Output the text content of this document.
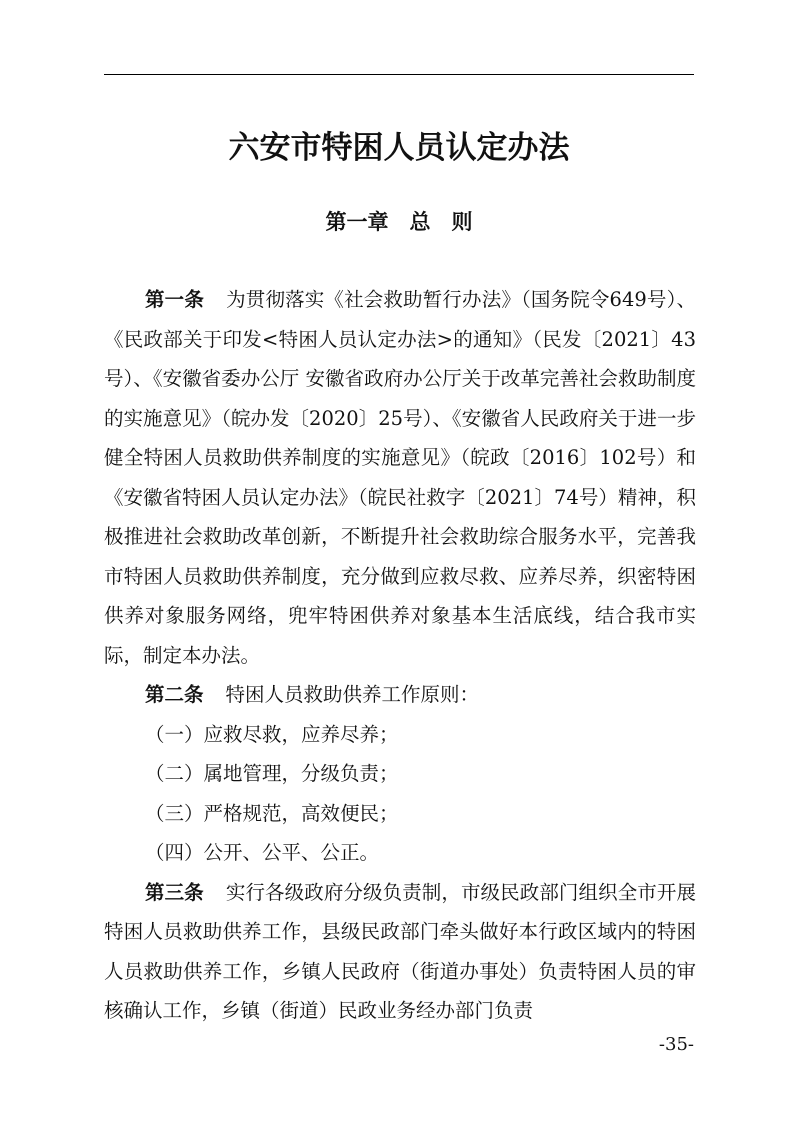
六安市特困人员认定办法
第一章　总　则

第一条 为贯彻落实《社会救助暂行办法》（国务院令649号）、《民政部关于印发<特困人员认定办法>的通知》（民发〔2021〕43号）、《安徽省委办公厅 安徽省政府办公厅关于改革完善社会救助制度的实施意见》（皖办发〔2020〕25号）、《安徽省人民政府关于进一步健全特困人员救助供养制度的实施意见》（皖政〔2016〕102号）和《安徽省特困人员认定办法》（皖民社救字〔2021〕74号）精神，积极推进社会救助改革创新，不断提升社会救助综合服务水平，完善我市特困人员救助供养制度，充分做到应救尽救、应养尽养，织密特困供养对象服务网络，兜牢特困供养对象基本生活底线，结合我市实际，制定本办法。

第二条 特困人员救助供养工作原则：

（一）应救尽救，应养尽养；

（二）属地管理，分级负责；

（三）严格规范，高效便民；

（四）公开、公平、公正。

第三条 实行各级政府分级负责制，市级民政部门组织全市开展特困人员救助供养工作，县级民政部门牵头做好本行政区域内的特困人员救助供养工作，乡镇人民政府（街道办事处）负责特困人员的审核确认工作，乡镇（街道）民政业务经办部门负责

-35-
